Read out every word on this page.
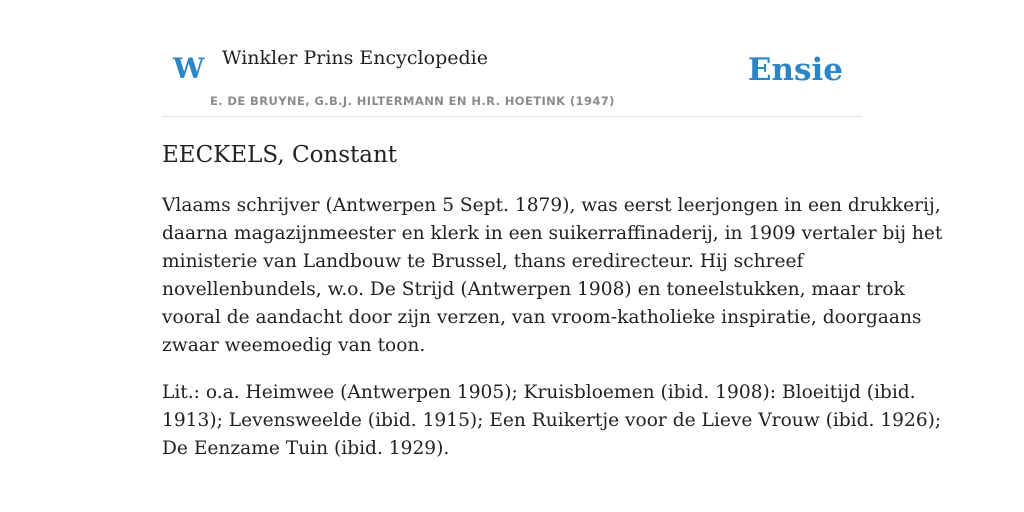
W Winkler Prins Encyclopedie
E. DE BRUYNE, G.B.J. HILTERMANN EN H.R. HOETINK (1947)
Ensie
EECKELS, Constant

Vlaams schrijver (Antwerpen 5 Sept. 1879), was eerst leerjongen in een drukkerij,
daarna magazijnmeester en klerk in een suikerraffinaderij, in 1909 vertaler bij het
ministerie van Landbouw te Brussel, thans eredirecteur. Hij schreef
novellenbundels, w.o. De Strijd (Antwerpen 1908) en toneelstukken, maar trok
vooral de aandacht door zijn verzen, van vroom-katholieke inspiratie, doorgaans
zwaar weemoedig van toon.

Lit.: o.a. Heimwee (Antwerpen 1905); Kruisbloemen (ibid. 1908): Bloeitijd (ibid.
1913); Levensweelde (ibid. 1915); Een Ruikertje voor de Lieve Vrouw (ibid. 1926);
De Eenzame Tuin (ibid. 1929).
